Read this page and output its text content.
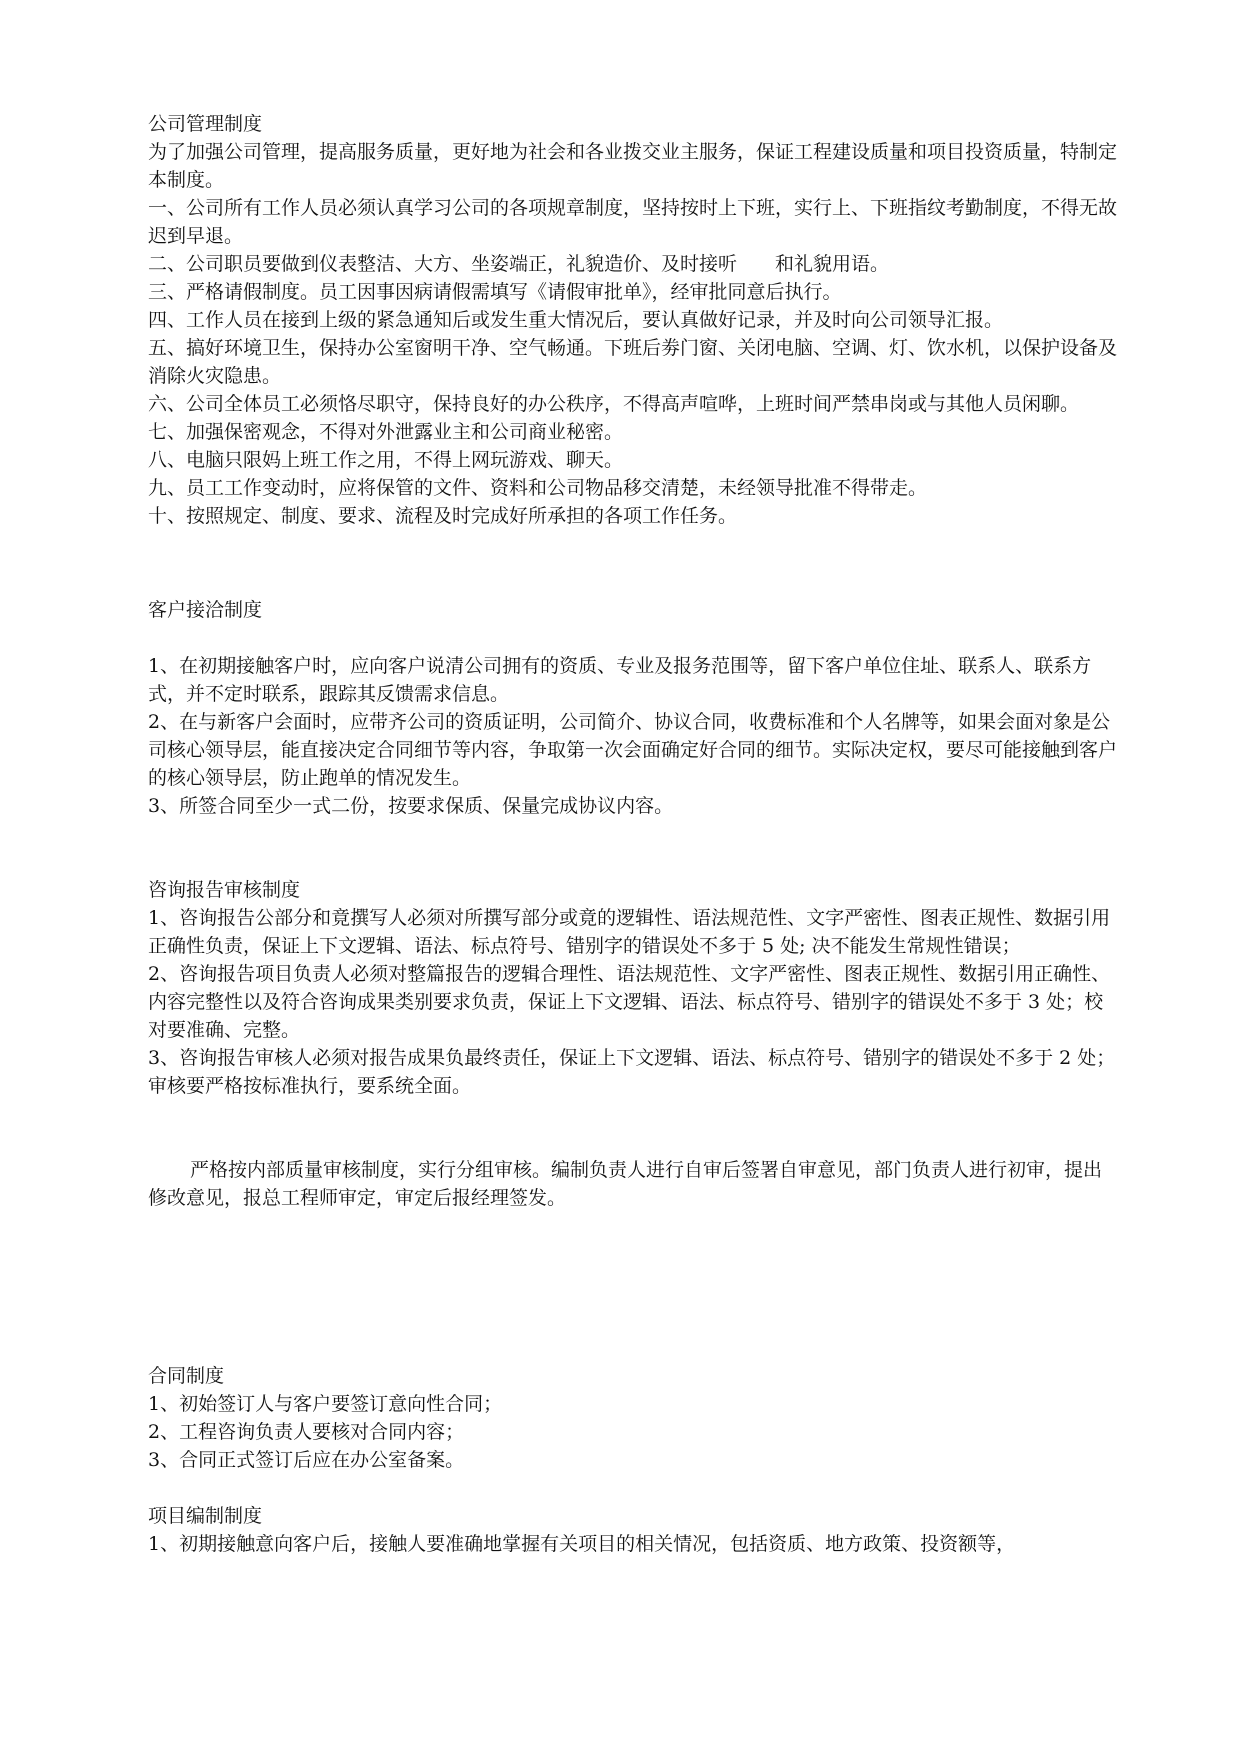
公司管理制度

为了加强公司管理，提高服务质量，更好地为社会和各业拨交业主服务，保证工程建设质量和项目投资质量，特制定本制度。

一、公司所有工作人员必须认真学习公司的各项规章制度，坚持按时上下班，实行上、下班指纹考勤制度，不得无故迟到早退。

二、公司职员要做到仪表整洁、大方、坐姿端正，礼貌造价、及时接听　　和礼貌用语。

三、严格请假制度。员工因事因病请假需填写《请假审批单》，经审批同意后执行。

四、工作人员在接到上级的紧急通知后或发生重大情况后，要认真做好记录，并及时向公司领导汇报。

五、搞好环境卫生，保持办公室窗明干净、空气畅通。下班后劵门窗、关闭电脑、空调、灯、饮水机，以保护设备及消除火灾隐患。

六、公司全体员工必须恪尽职守，保持良好的办公秩序，不得高声喧哗，上班时间严禁串岗或与其他人员闲聊。

七、加强保密观念，不得对外泄露业主和公司商业秘密。

八、电脑只限妈上班工作之用，不得上网玩游戏、聊天。

九、员工工作变动时，应将保管的文件、资料和公司物品移交清楚，未经领导批准不得带走。

十、按照规定、制度、要求、流程及时完成好所承担的各项工作任务。

客户接洽制度

1、在初期接触客户时，应向客户说清公司拥有的资质、专业及报务范围等，留下客户单位住址、联系人、联系方式，并不定时联系，跟踪其反馈需求信息。

2、在与新客户会面时，应带齐公司的资质证明，公司简介、协议合同，收费标准和个人名牌等，如果会面对象是公司核心领导层，能直接决定合同细节等内容，争取第一次会面确定好合同的细节。实际决定权，要尽可能接触到客户的核心领导层，防止跑单的情况发生。

3、所签合同至少一式二份，按要求保质、保量完成协议内容。

咨询报告审核制度

1、咨询报告公部分和竟撰写人必须对所撰写部分或竟的逻辑性、语法规范性、文字严密性、图表正规性、数据引用正确性负责，保证上下文逻辑、语法、标点符号、错别字的错误处不多于 5 处; 决不能发生常规性错误；

2、咨询报告项目负责人必须对整篇报告的逻辑合理性、语法规范性、文字严密性、图表正规性、数据引用正确性、内容完整性以及符合咨询成果类别要求负责，保证上下文逻辑、语法、标点符号、错别字的错误处不多于 3 处；校对要准确、完整。

3、咨询报告审核人必须对报告成果负最终责任，保证上下文逻辑、语法、标点符号、错别字的错误处不多于 2 处；审核要严格按标准执行，要系统全面。

严格按内部质量审核制度，实行分组审核。编制负责人进行自审后签署自审意见，部门负责人进行初审，提出修改意见，报总工程师审定，审定后报经理签发。

合同制度

1、初始签订人与客户要签订意向性合同；

2、工程咨询负责人要核对合同内容；

3、合同正式签订后应在办公室备案。

项目编制制度

1、初期接触意向客户后，接触人要准确地掌握有关项目的相关情况，包括资质、地方政策、投资额等，
